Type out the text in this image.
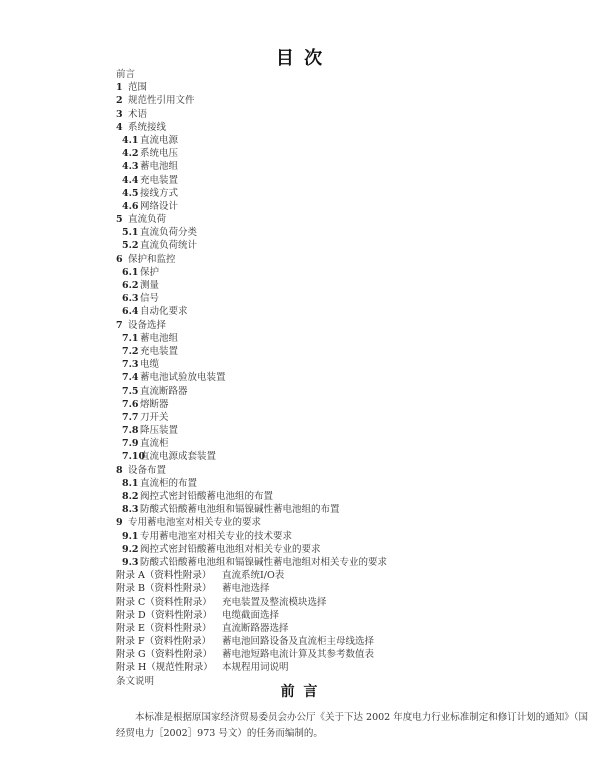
目 次
前言
1 范围
2 规范性引用文件
3 术语
4 系统接线
4.1直流电源
4.2系统电压
4.3蓄电池组
4.4充电装置
4.5接线方式
4.6网络设计
5 直流负荷
5.1直流负荷分类
5.2直流负荷统计
6 保护和监控
6.1保护
6.2测量
6.3信号
6.4自动化要求
7 设备选择
7.1蓄电池组
7.2充电装置
7.3电缆
7.4蓄电池试验放电装置
7.5直流断路器
7.6熔断器
7.7刀开关
7.8降压装置
7.9直流柜
7.10直流电源成套装置
8 设备布置
8.1直流柜的布置
8.2阀控式密封铅酸蓄电池组的布置
8.3防酸式铅酸蓄电池组和镉镍碱性蓄电池组的布置
9 专用蓄电池室对相关专业的要求
9.1专用蓄电池室对相关专业的技术要求
9.2阀控式密封铅酸蓄电池组对相关专业的要求
9.3防酸式铅酸蓄电池组和镉镍碱性蓄电池组对相关专业的要求
附录 A（资料性附录） 直流系统I/O表
附录 B（资料性附录） 蓄电池选择
附录 C（资料性附录） 充电装置及整流模块选择
附录 D（资料性附录） 电缆截面选择
附录 E（资料性附录） 直流断路器选择
附录 F（资料性附录） 蓄电池回路设备及直流柜主母线选择
附录 G（资料性附录） 蓄电池短路电流计算及其参考数值表
附录 H（规范性附录） 本规程用词说明
条文说明
前 言

本标准是根据原国家经济贸易委员会办公厅《关于下达 2002 年度电力行业标准制定和修订计划的通知》（国经贸电力［2002］973 号文）的任务而编制的。
